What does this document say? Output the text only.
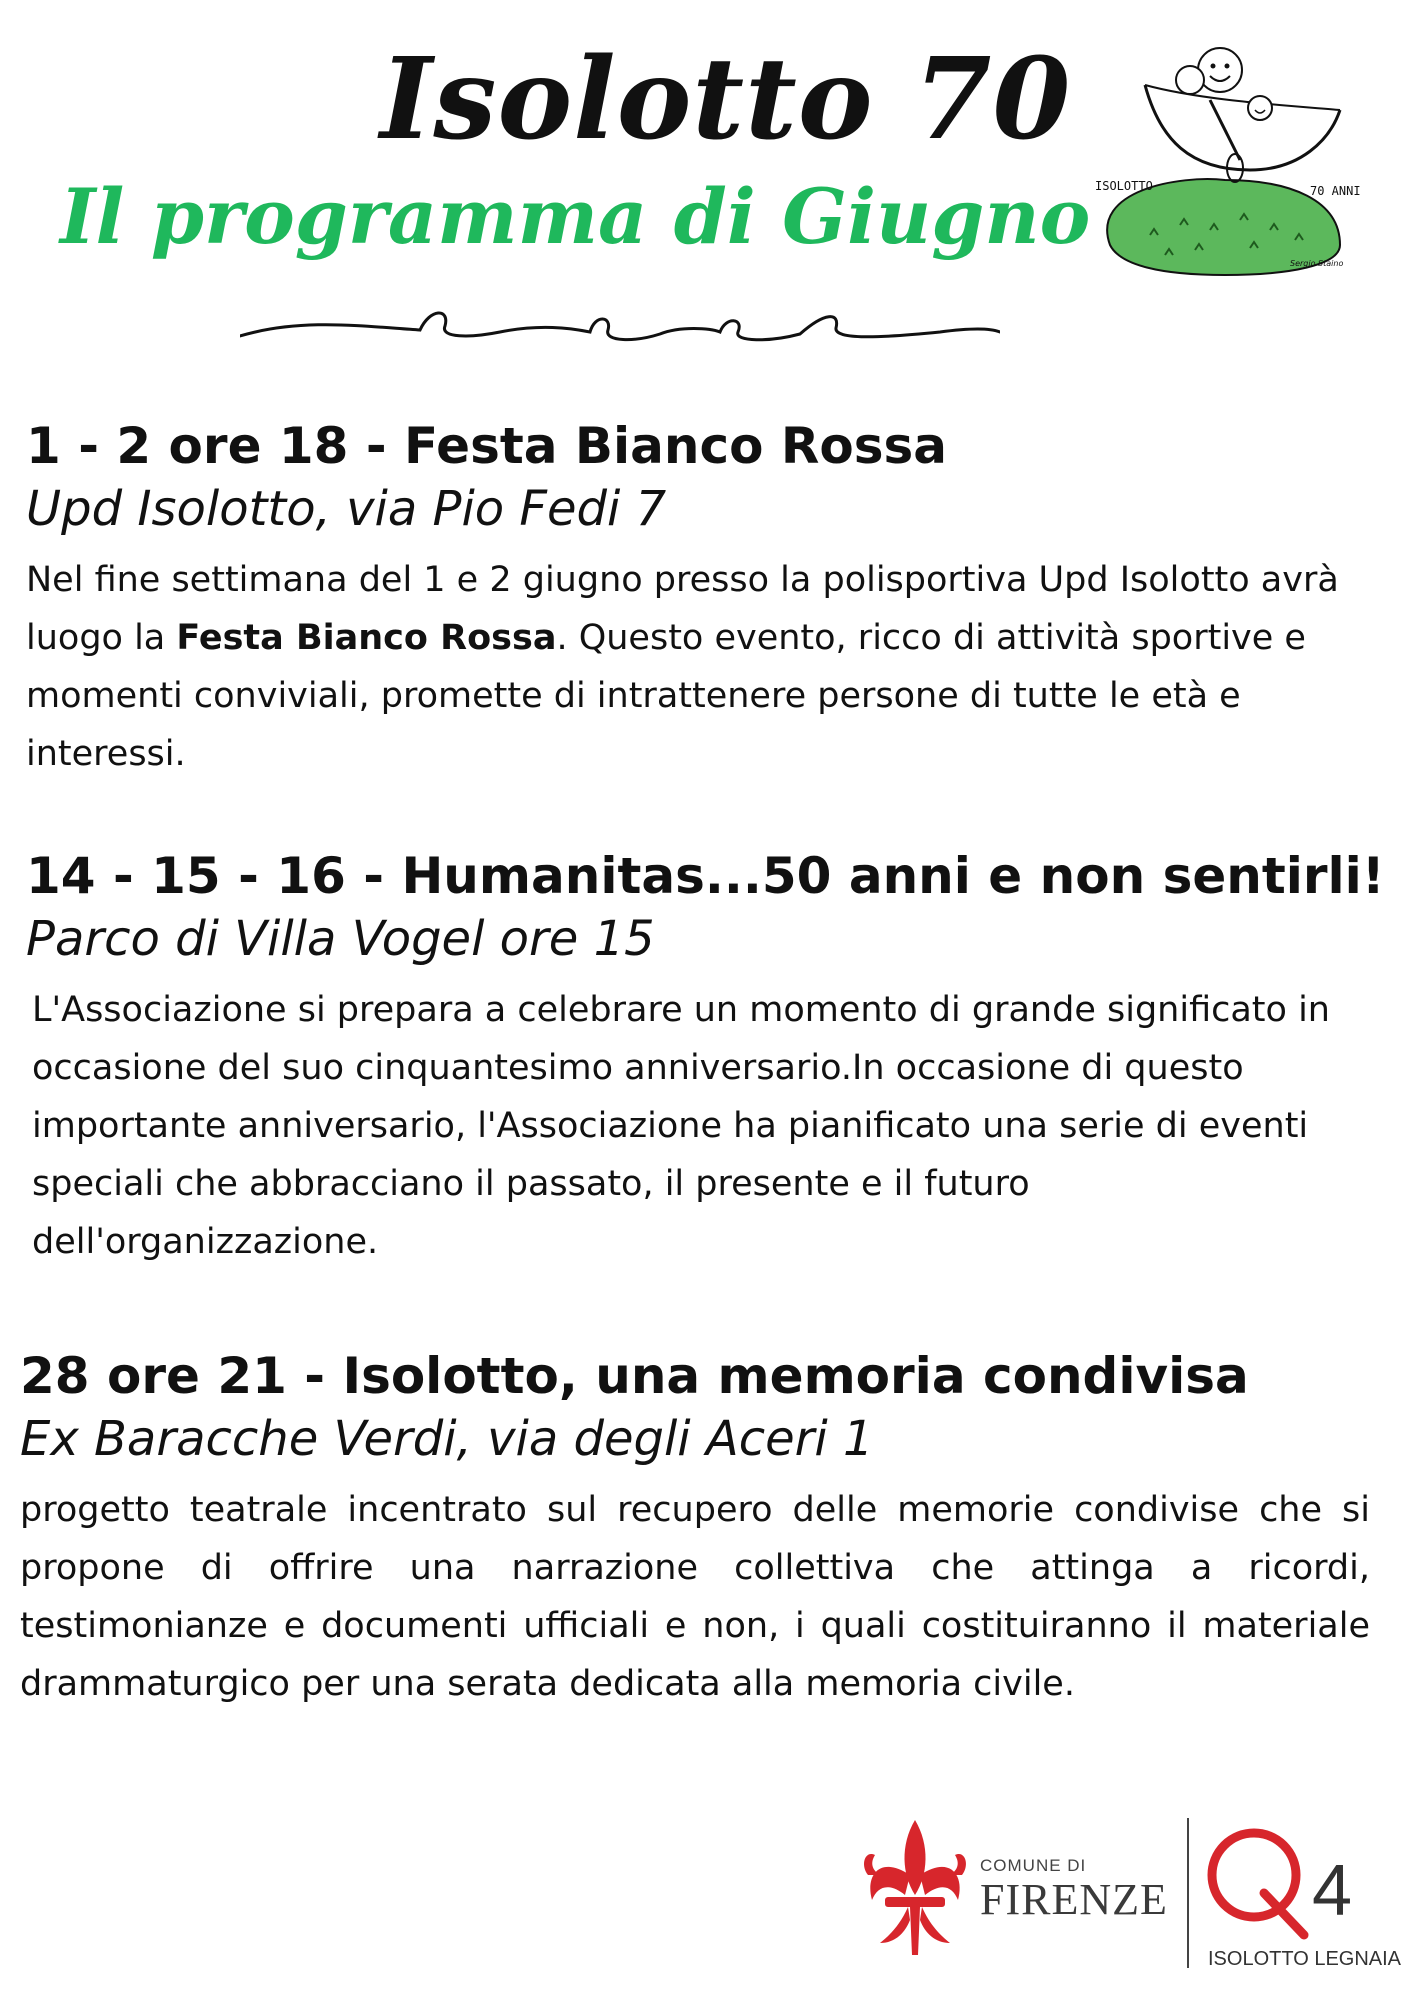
Isolotto 70
Il programma di Giugno ISOLOTTO	70 ANNI
Sergio Staino
1 - 2 ore 18 - Festa Bianco Rossa

Upd Isolotto, via Pio Fedi 7

Nel fine settimana del 1 e 2 giugno presso la polisportiva Upd Isolotto avrà luogo la Festa Bianco Rossa. Questo evento, ricco di attività sportive e momenti conviviali, promette di intrattenere persone di tutte le età e interessi.

14 - 15 - 16 - Humanitas...50 anni e non sentirli!

Parco di Villa Vogel ore 15

L'Associazione si prepara a celebrare un momento di grande significato in occasione del suo cinquantesimo anniversario.In occasione di questo importante anniversario, l'Associazione ha pianificato una serie di eventi speciali che abbracciano il passato, il presente e il futuro dell'organizzazione.

28 ore 21 - Isolotto, una memoria condivisa

Ex Baracche Verdi, via degli Aceri 1

progetto teatrale incentrato sul recupero delle memorie condivise che si propone di offrire una narrazione collettiva che attinga a ricordi, testimonianze e documenti ufficiali e non, i quali costituiranno il materiale drammaturgico per una serata dedicata alla memoria civile.

COMUNE DI
FIRENZE 4
ISOLOTTO LEGNAIA
